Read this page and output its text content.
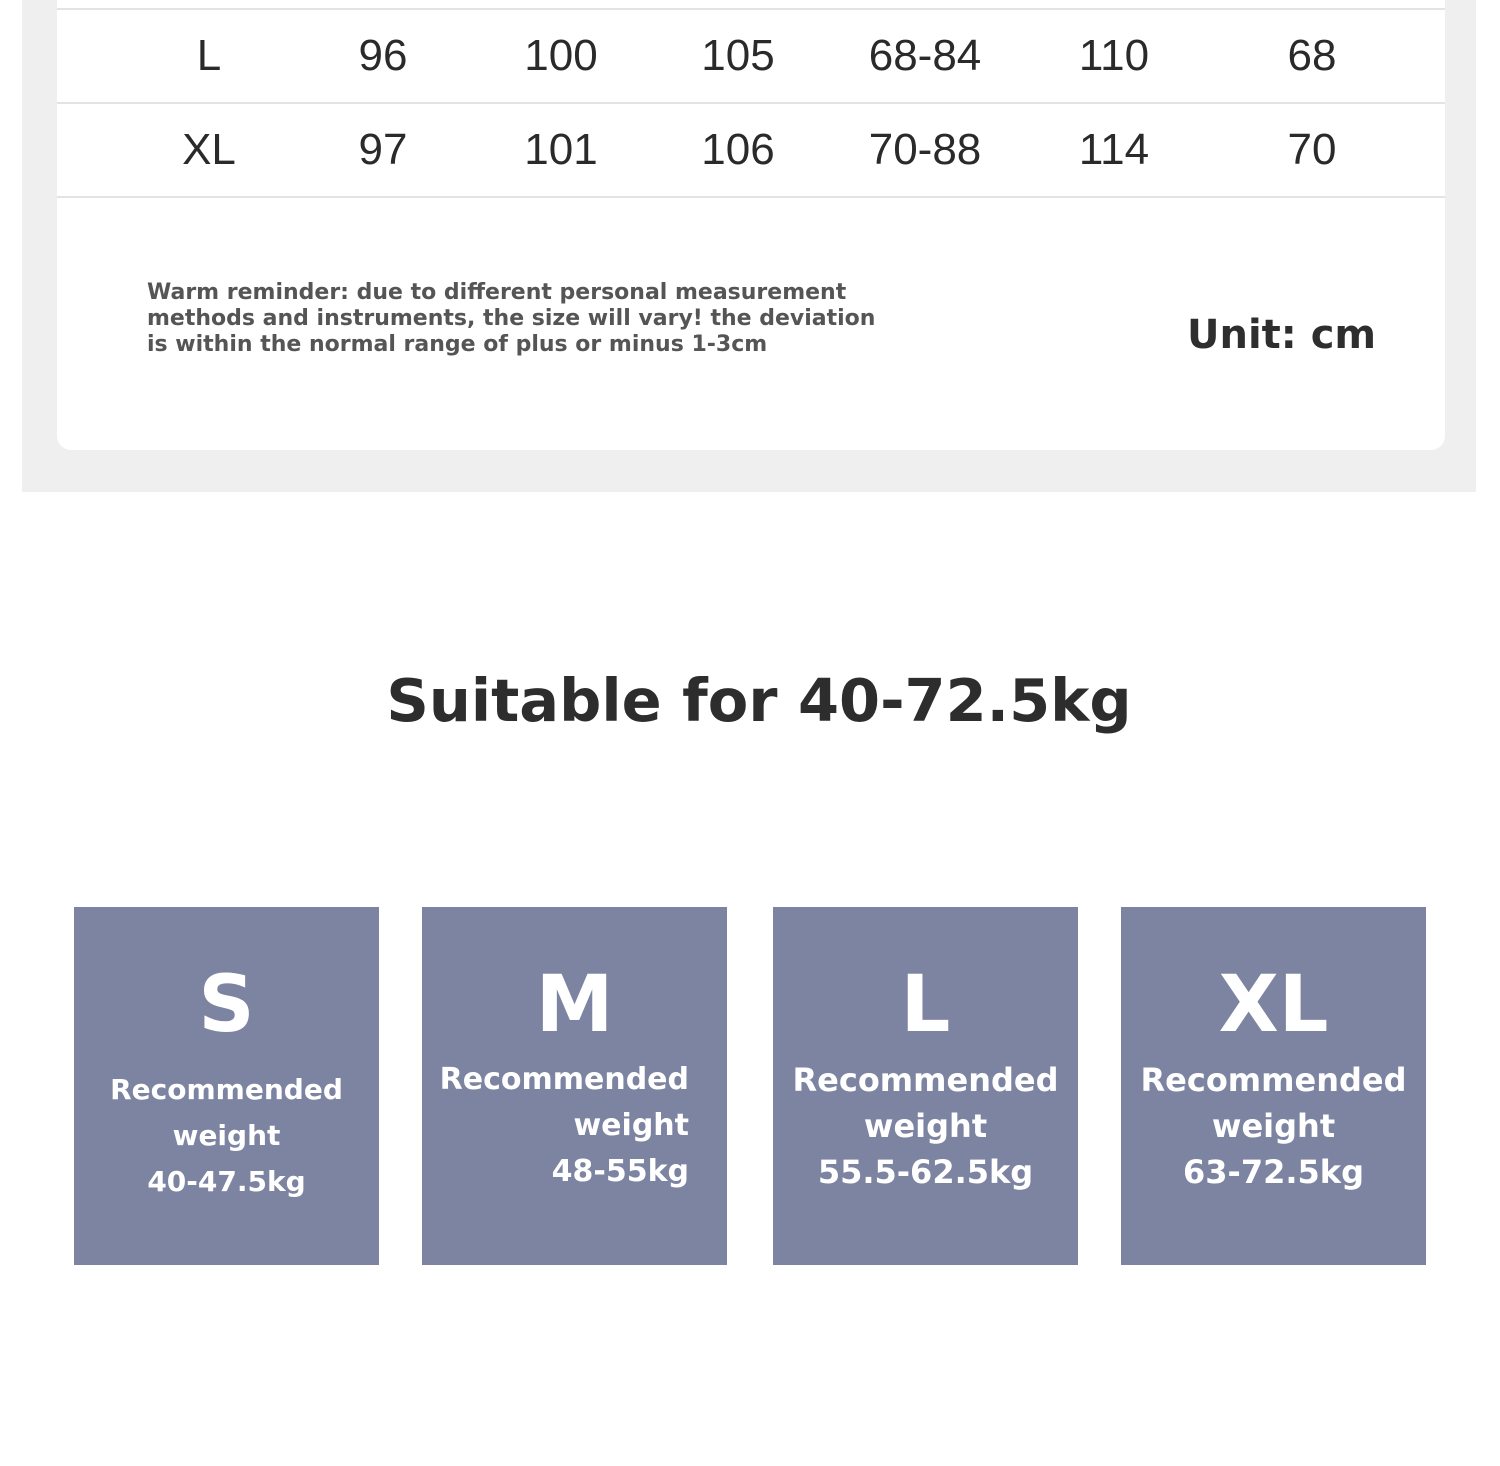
L	96	100	105	68-84	110	68
XL	97	101	106	70-88	114	70
Warm reminder: due to different personal measurement
methods and instruments, the size will vary! the deviation
is within the normal range of plus or minus 1-3cm	Unit: cm
Suitable for 40-72.5kg
S
Recommended
weight
40-47.5kg
M
Recommended
weight
48-55kg
L
Recommended
weight
55.5-62.5kg
XL
Recommended
weight
63-72.5kg
